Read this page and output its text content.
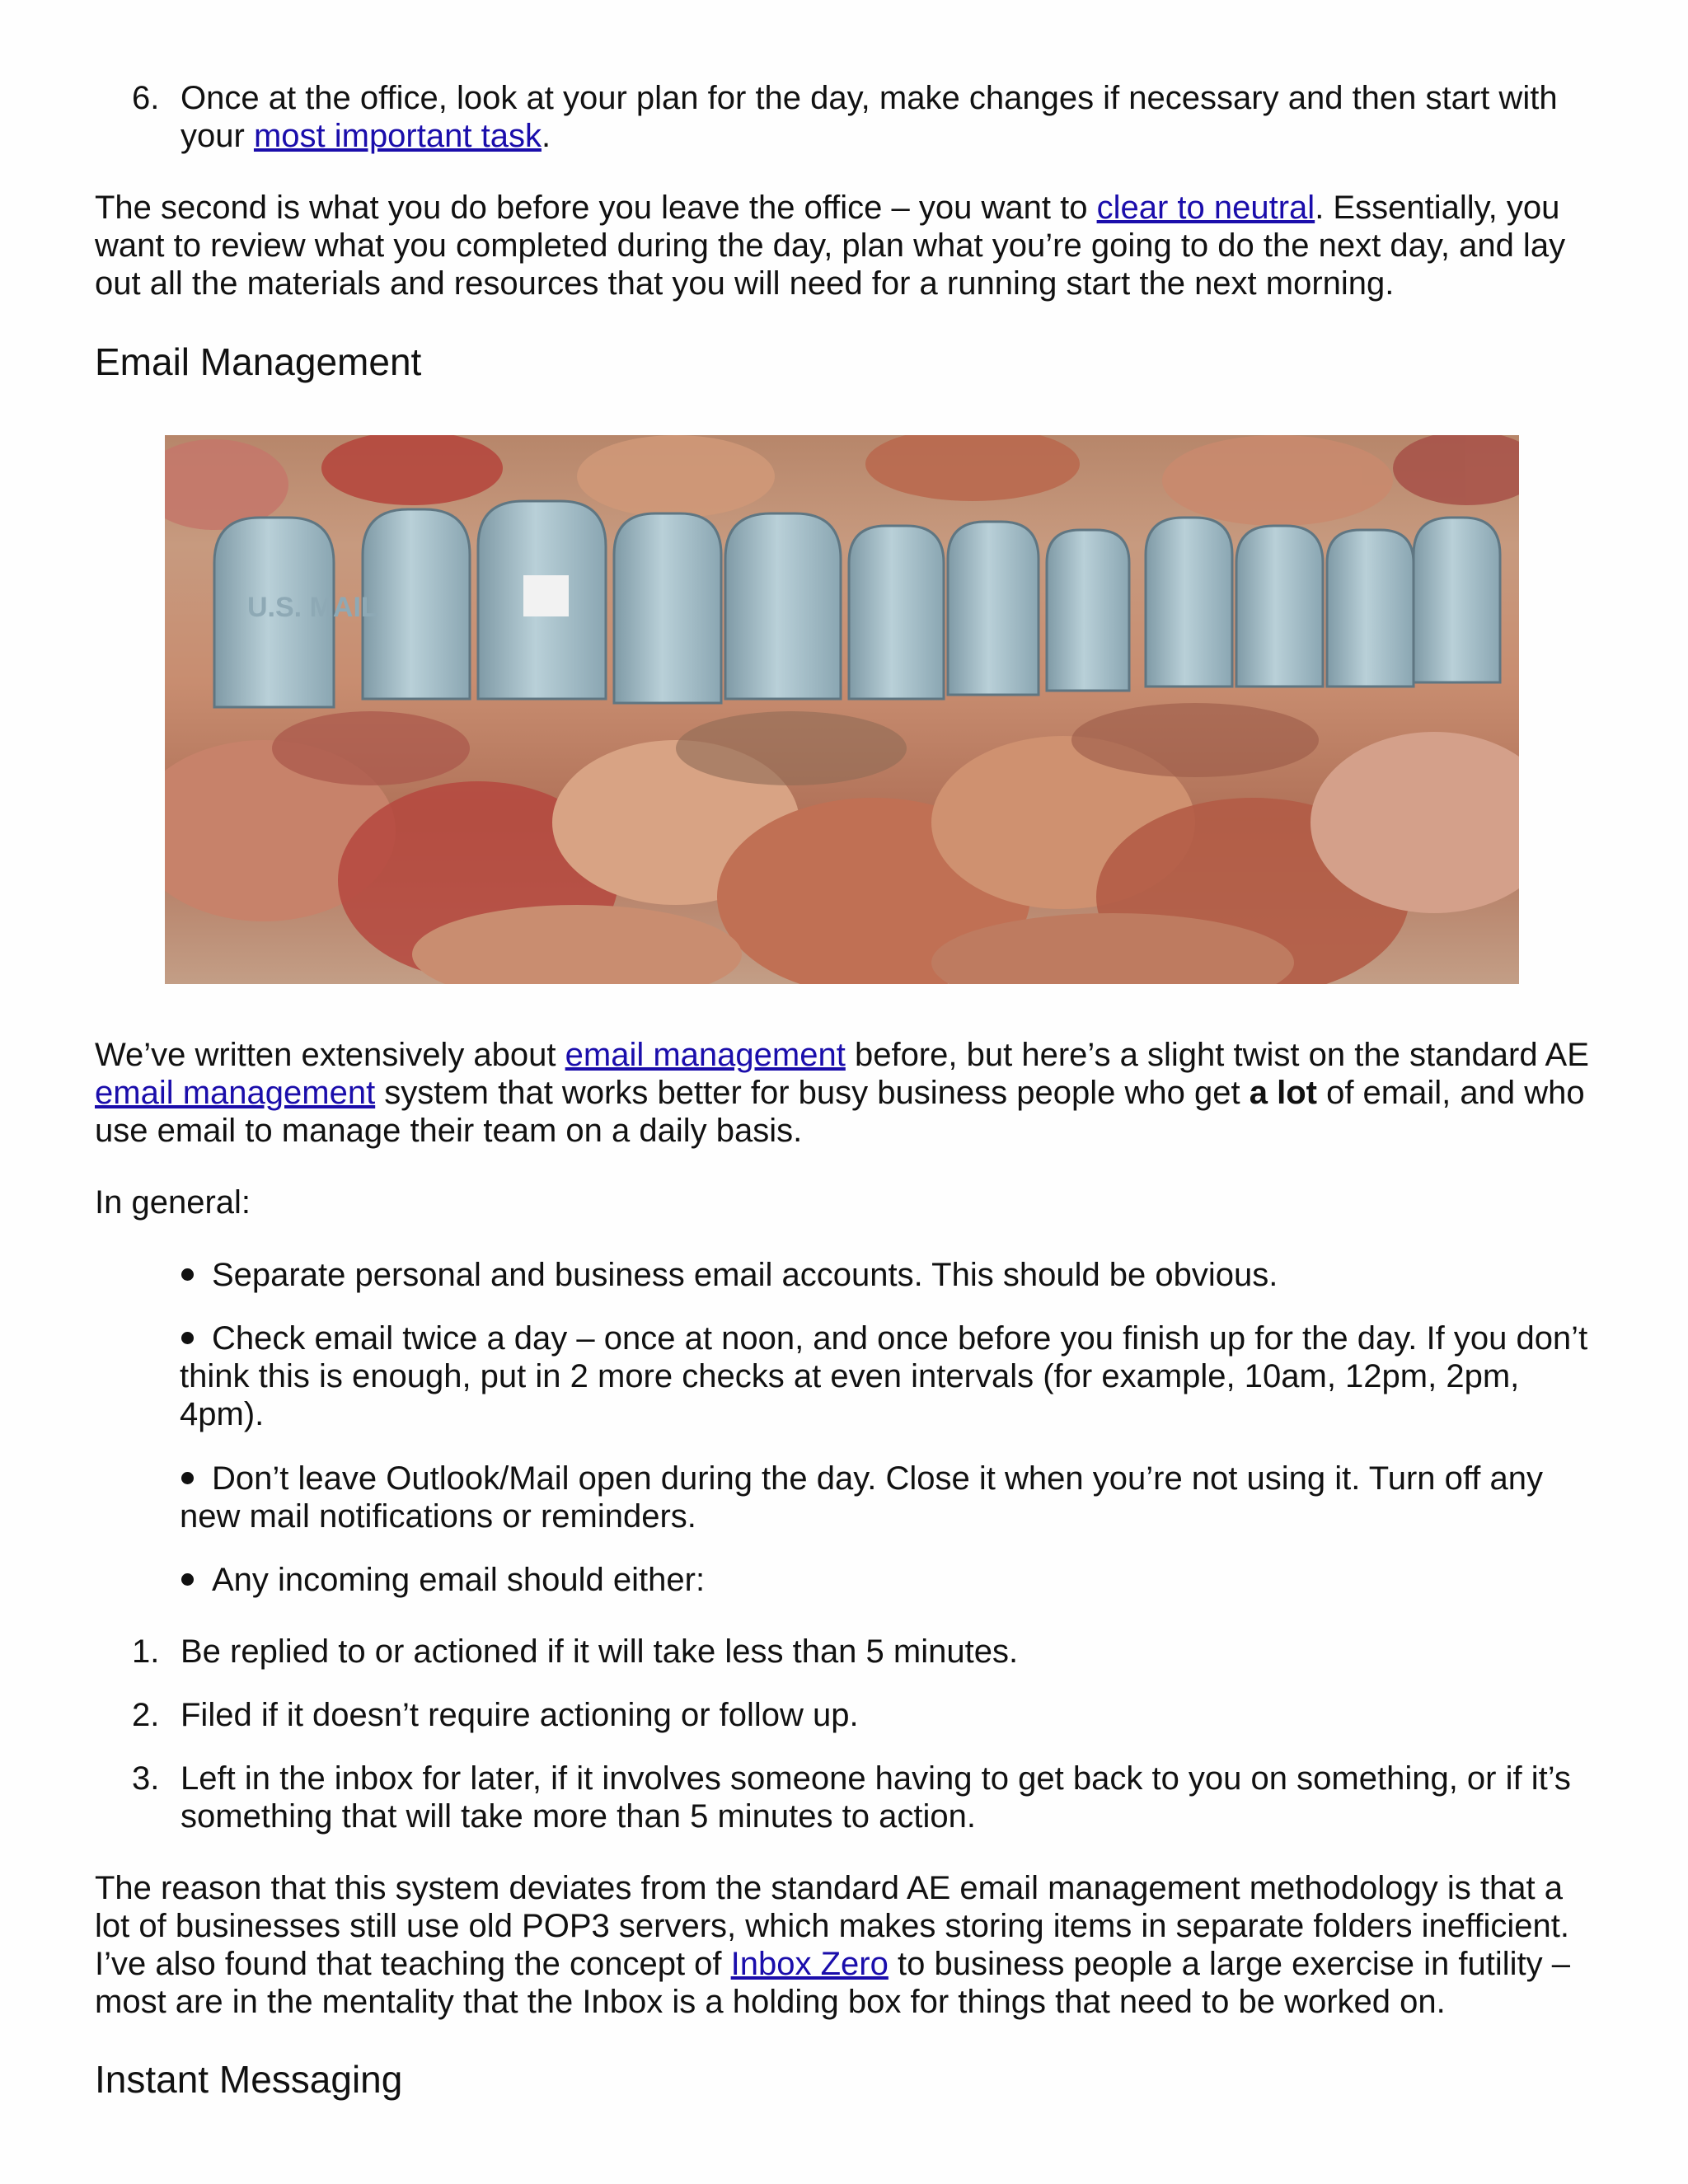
6. Once at the office, look at your plan for the day, make changes if necessary and then start with your most important task.

The second is what you do before you leave the office – you want to clear to neutral. Essentially, you want to review what you completed during the day, plan what you’re going to do the next day, and lay out all the materials and resources that you will need for a running start the next morning.

Email Management
U.S. MAIL

We’ve written extensively about email management before, but here’s a slight twist on the standard AE email management system that works better for busy business people who get a lot of email, and who use email to manage their team on a daily basis.

In general:

Separate personal and business email accounts. This should be obvious.
Check email twice a day – once at noon, and once before you finish up for the day. If you don’t think this is enough, put in 2 more checks at even intervals (for example, 10am, 12pm, 2pm, 4pm).
Don’t leave Outlook/Mail open during the day. Close it when you’re not using it. Turn off any new mail notifications or reminders.
Any incoming email should either:
1. Be replied to or actioned if it will take less than 5 minutes.
2. Filed if it doesn’t require actioning or follow up.
3. Left in the inbox for later, if it involves someone having to get back to you on something, or if it’s something that will take more than 5 minutes to action.

The reason that this system deviates from the standard AE email management methodology is that a lot of businesses still use old POP3 servers, which makes storing items in separate folders inefficient. I’ve also found that teaching the concept of Inbox Zero to business people a large exercise in futility – most are in the mentality that the Inbox is a holding box for things that need to be worked on.

Instant Messaging
